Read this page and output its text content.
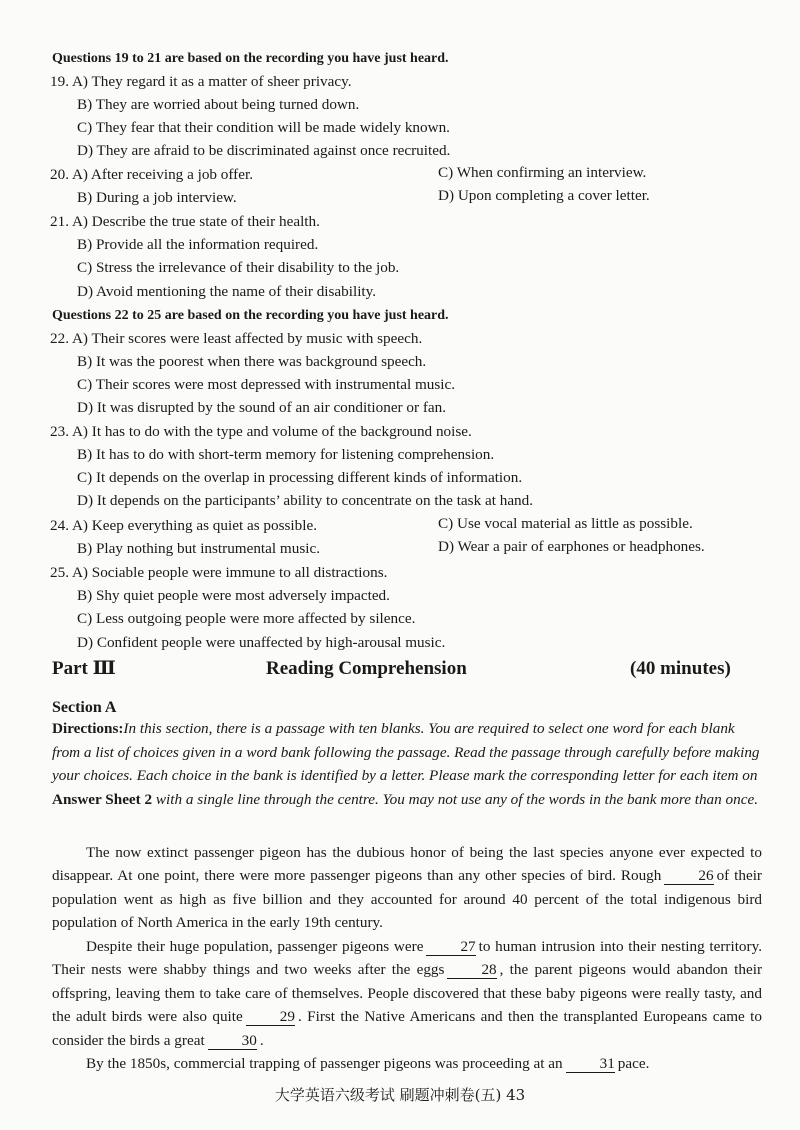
Questions 19 to 21 are based on the recording you have just heard.
19. A) They regard it as a matter of sheer privacy.
B) They are worried about being turned down.
C) They fear that their condition will be made widely known.
D) They are afraid to be discriminated against once recruited.
20. A) After receiving a job offer.	C) When confirming an interview.
B) During a job interview.	D) Upon completing a cover letter.
21. A) Describe the true state of their health.
B) Provide all the information required.
C) Stress the irrelevance of their disability to the job.
D) Avoid mentioning the name of their disability.
Questions 22 to 25 are based on the recording you have just heard.
22. A) Their scores were least affected by music with speech.
B) It was the poorest when there was background speech.
C) Their scores were most depressed with instrumental music.
D) It was disrupted by the sound of an air conditioner or fan.
23. A) It has to do with the type and volume of the background noise.
B) It has to do with short-term memory for listening comprehension.
C) It depends on the overlap in processing different kinds of information.
D) It depends on the participants’ ability to concentrate on the task at hand.
24. A) Keep everything as quiet as possible.	C) Use vocal material as little as possible.
B) Play nothing but instrumental music.	D) Wear a pair of earphones or headphones.
25. A) Sociable people were immune to all distractions.
B) Shy quiet people were most adversely impacted.
C) Less outgoing people were more affected by silence.
D) Confident people were unaffected by high-arousal music.
Part Ⅲ	Reading Comprehension	(40 minutes)
Section A
Directions:In this section, there is a passage with ten blanks. You are required to select one word for each blank from a list of choices given in a word bank following the passage. Read the passage through carefully before making your choices. Each choice in the bank is identified by a letter. Please mark the corresponding letter for each item on Answer Sheet 2 with a single line through the centre. You may not use any of the words in the bank more than once.
The now extinct passenger pigeon has the dubious honor of being the last species anyone ever expected to disappear. At one point, there were more passenger pigeons than any other species of bird. Rough 26 of their population went as high as five billion and they accounted for around 40 percent of the total indigenous bird population of North America in the early 19th century.
Despite their huge population, passenger pigeons were 27 to human intrusion into their nesting territory. Their nests were shabby things and two weeks after the eggs 28 , the parent pigeons would abandon their offspring, leaving them to take care of themselves. People discovered that these baby pigeons were really tasty, and the adult birds were also quite 29 . First the Native Americans and then the transplanted Europeans came to consider the birds a great 30 .
By the 1850s, commercial trapping of passenger pigeons was proceeding at an 31 pace.
大学英语六级考试 刷题冲刺卷(五) 43
